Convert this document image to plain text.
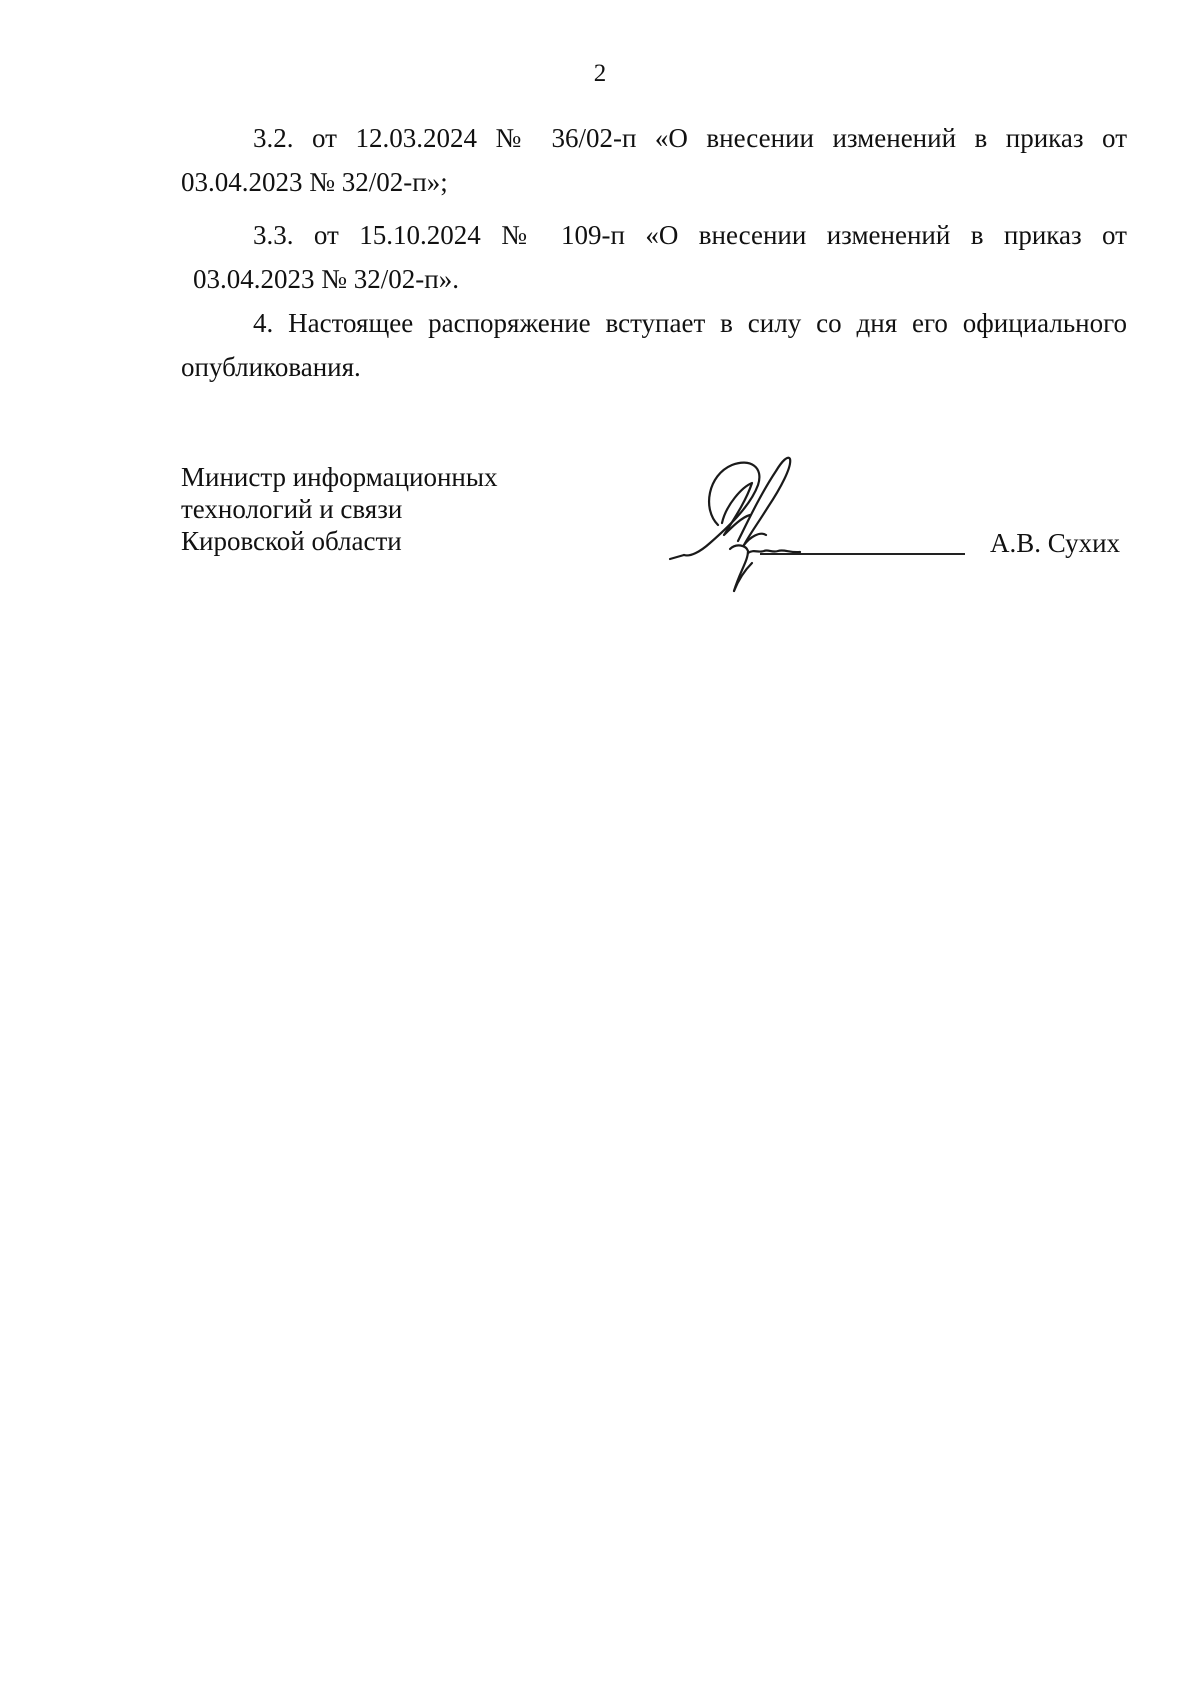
2
3.2. от 12.03.2024 № 36/02-п «О внесении изменений в приказ от
03.04.2023 № 32/02-п»;
3.3. от 15.10.2024 № 109-п «О внесении изменений в приказ от
03.04.2023 № 32/02-п».
4. Настоящее распоряжение вступает в силу со дня его официального
опубликования.
Министр информационных
технологий и связи
Кировской области	А.В. Сухих
